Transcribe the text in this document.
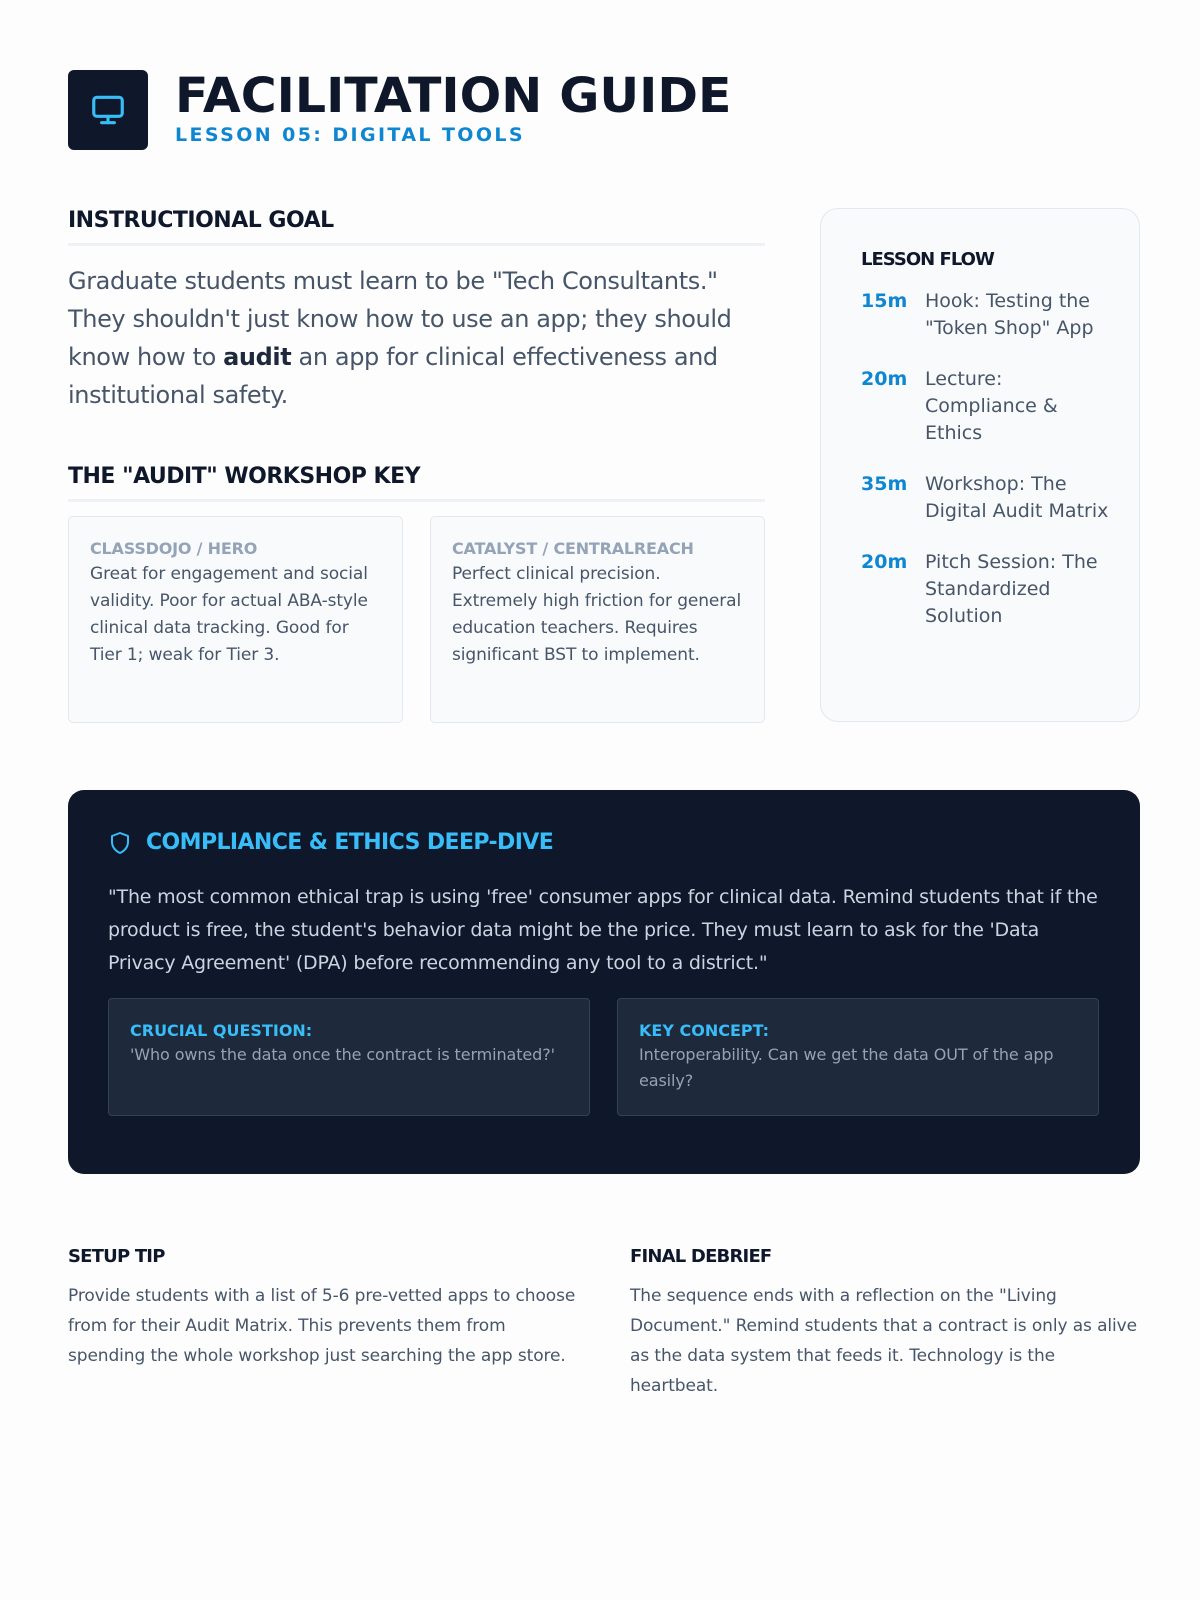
FACILITATION GUIDE
LESSON 05: DIGITAL TOOLS
INSTRUCTIONAL GOAL
Graduate students must learn to be "Tech Consultants." They shouldn't just know how to use an app; they should know how to audit an app for clinical effectiveness and institutional safety.
THE "AUDIT" WORKSHOP KEY
CLASSDOJO / HERO
Great for engagement and social validity. Poor for actual ABA-style clinical data tracking. Good for Tier 1; weak for Tier 3.
CATALYST / CENTRALREACH
Perfect clinical precision. Extremely high friction for general education teachers. Requires significant BST to implement.
LESSON FLOW
15m Hook: Testing the "Token Shop" App
20m Lecture: Compliance & Ethics
35m Workshop: The Digital Audit Matrix
20m Pitch Session: The Standardized Solution
COMPLIANCE & ETHICS DEEP-DIVE
"The most common ethical trap is using 'free' consumer apps for clinical data. Remind students that if the product is free, the student's behavior data might be the price. They must learn to ask for the 'Data Privacy Agreement' (DPA) before recommending any tool to a district."
CRUCIAL QUESTION:
'Who owns the data once the contract is terminated?'
KEY CONCEPT:
Interoperability. Can we get the data OUT of the app easily?
SETUP TIP
Provide students with a list of 5-6 pre-vetted apps to choose from for their Audit Matrix. This prevents them from spending the whole workshop just searching the app store.
FINAL DEBRIEF
The sequence ends with a reflection on the "Living Document." Remind students that a contract is only as alive as the data system that feeds it. Technology is the heartbeat.
